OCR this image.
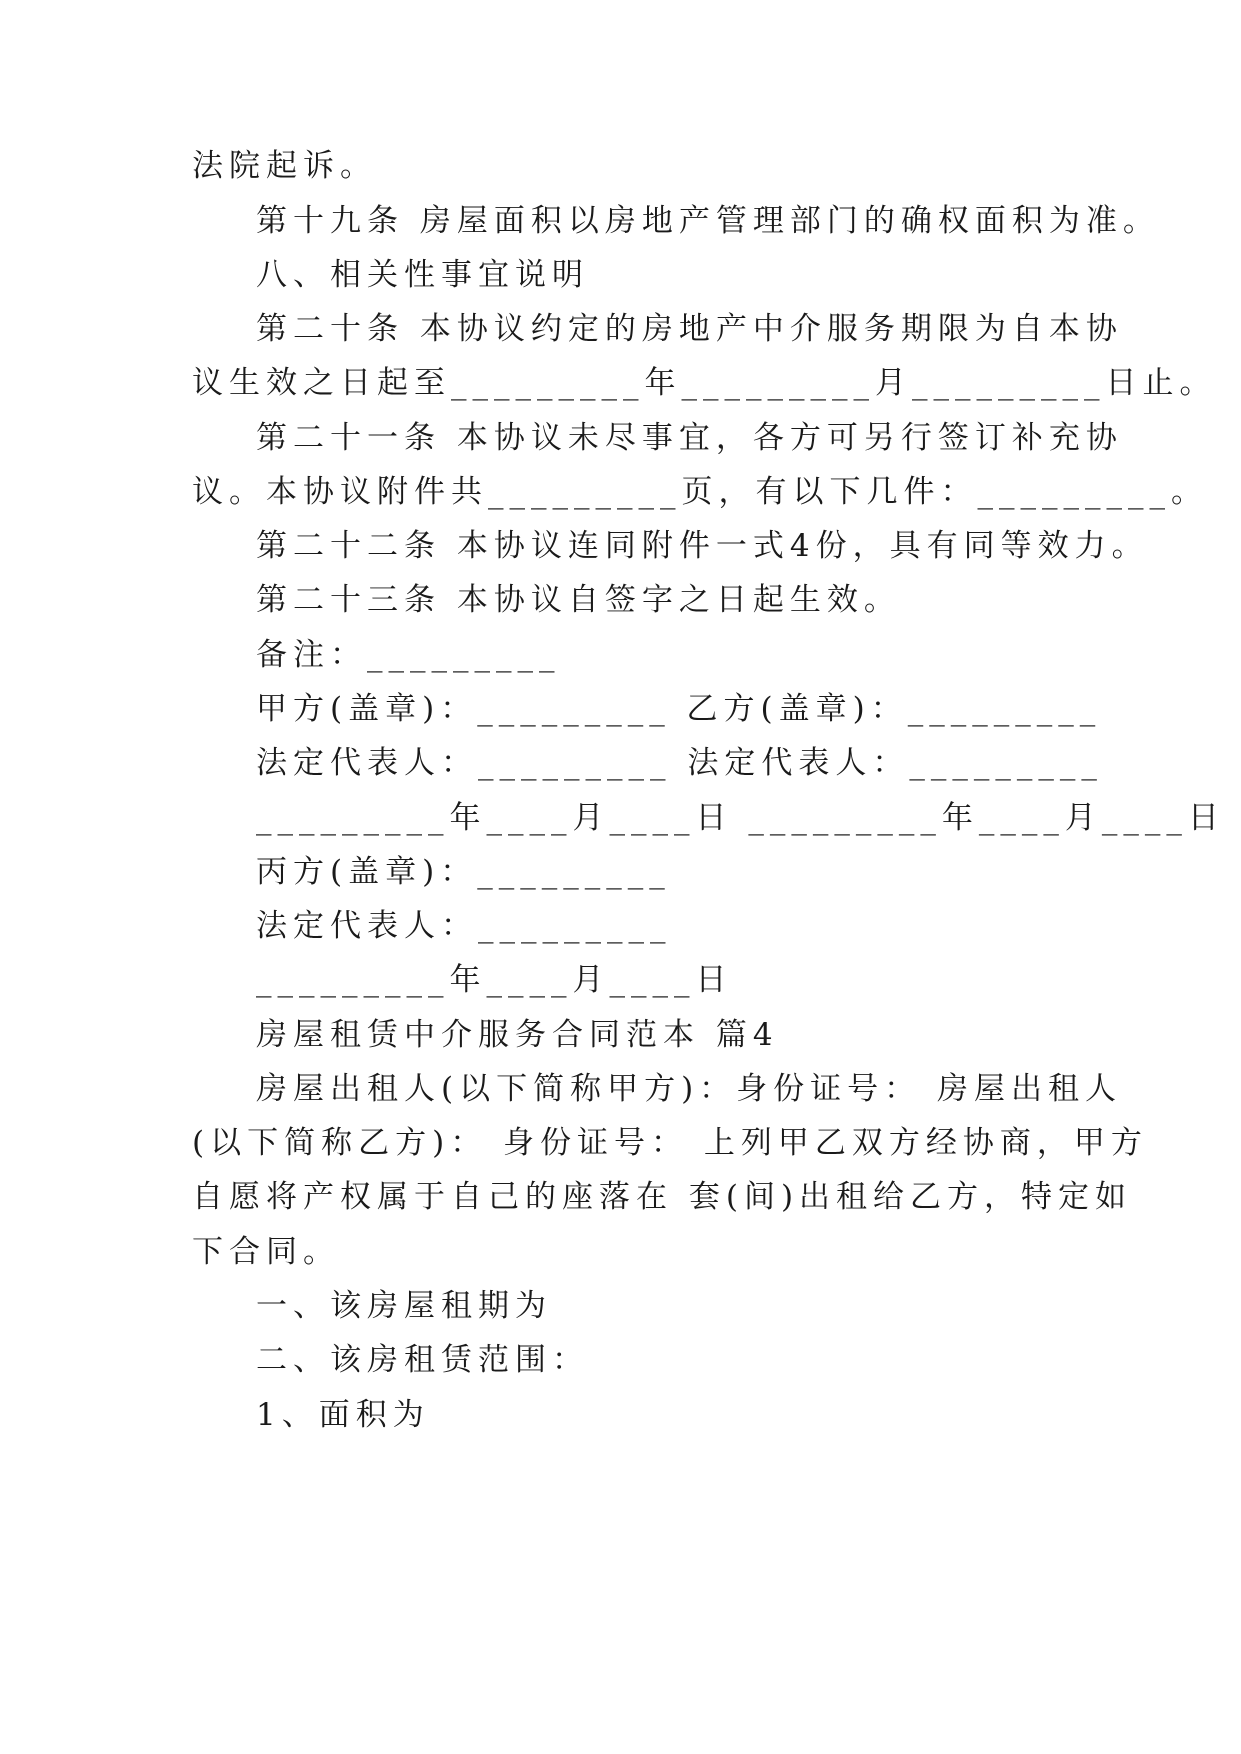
法院起诉。

第十九条 房屋面积以房地产管理部门的确权面积为准。

八、相关性事宜说明

第二十条 本协议约定的房地产中介服务期限为自本协

议生效之日起至_________年_________月_________日止。

第二十一条 本协议未尽事宜，各方可另行签订补充协

议。本协议附件共_________页，有以下几件：_________。

第二十二条 本协议连同附件一式4份，具有同等效力。

第二十三条 本协议自签字之日起生效。

备注：_________

甲方(盖章)：_________ 乙方(盖章)：_________

法定代表人：_________ 法定代表人：_________

_________年____月____日 _________年____月____日

丙方(盖章)：_________

法定代表人：_________

_________年____月____日

房屋租赁中介服务合同范本 篇4

房屋出租人(以下简称甲方)：身份证号： 房屋出租人

(以下简称乙方)： 身份证号： 上列甲乙双方经协商，甲方

自愿将产权属于自己的座落在 套(间)出租给乙方，特定如

下合同。

一、该房屋租期为

二、该房租赁范围：

1、面积为
